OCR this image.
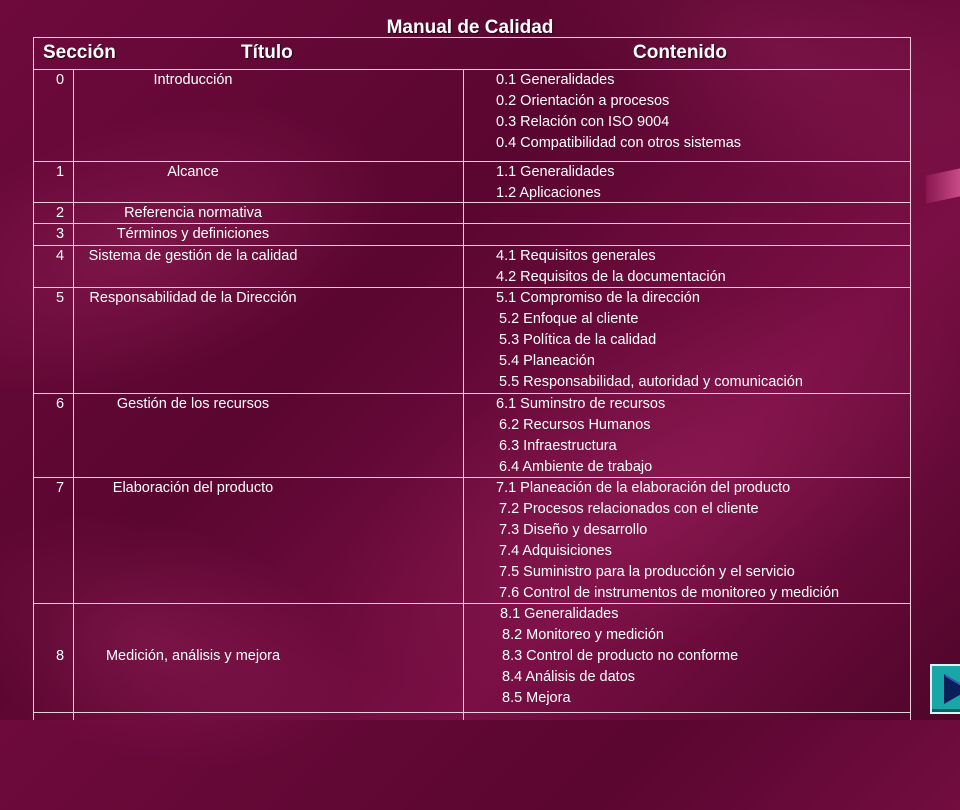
Manual de Calidad
Sección	Título	Contenido
0	Introducción	0.1 Generalidades
0.2 Orientación a procesos
0.3 Relación con ISO 9004
0.4 Compatibilidad con otros sistemas
1	Alcance	1.1 Generalidades
1.2 Aplicaciones
2	Referencia normativa
3	Términos y definiciones
4	Sistema de gestión de la calidad	4.1 Requisitos generales
4.2 Requisitos de la documentación
5	Responsabilidad de la Dirección	5.1 Compromiso de la dirección
5.2 Enfoque al cliente
5.3 Política de la calidad
5.4 Planeación
5.5 Responsabilidad, autoridad y comunicación
6	Gestión de los recursos	6.1 Suminstro de recursos
6.2 Recursos Humanos
6.3 Infraestructura
6.4 Ambiente de trabajo
7	Elaboración del producto	7.1 Planeación de la elaboración del producto
7.2 Procesos relacionados con el cliente
7.3 Diseño y desarrollo
7.4 Adquisiciones
7.5 Suministro para la producción y el servicio
7.6 Control de instrumentos de monitoreo y medición
8	Medición, análisis y mejora
8.1 Generalidades
8.2 Monitoreo y medición
8.3 Control de producto no conforme
8.4 Análisis de datos
8.5 Mejora
